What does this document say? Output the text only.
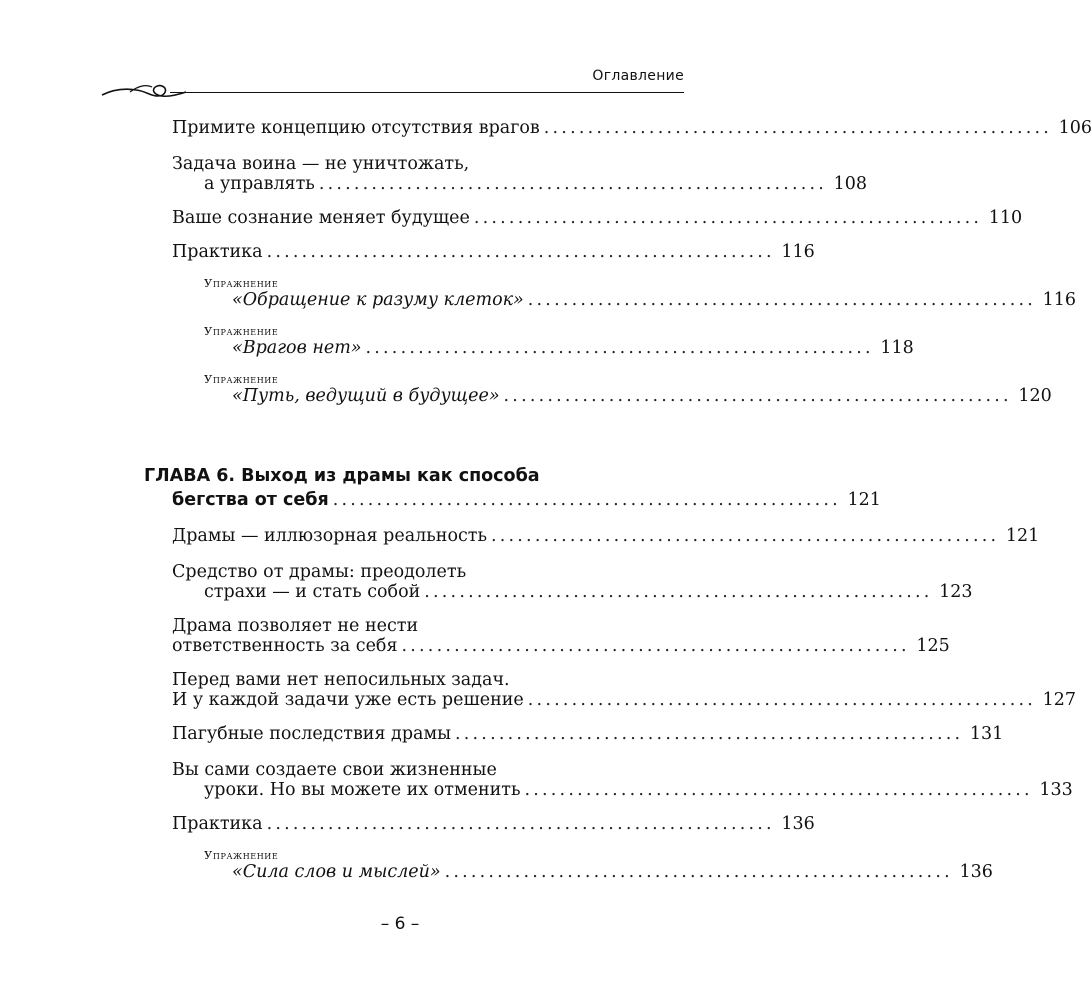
Оглавление
Примите концепцию отсутствия врагов .......................................................... 106
Задача воина — не уничтожать,
а управлять .......................................................... 108
Ваше сознание меняет будущее .......................................................... 110
Практика .......................................................... 116
Упражнение
«Обращение к разуму клеток» .......................................................... 116
Упражнение
«Врагов нет» .......................................................... 118
Упражнение
«Путь, ведущий в будущее» .......................................................... 120
ГЛАВА 6. Выход из драмы как способа
бегства от себя .......................................................... 121
Драмы — иллюзорная реальность .......................................................... 121
Средство от драмы: преодолеть
страхи — и стать собой .......................................................... 123
Драма позволяет не нести
ответственность за себя .......................................................... 125
Перед вами нет непосильных задач.
И у каждой задачи уже есть решение .......................................................... 127
Пагубные последствия драмы .......................................................... 131
Вы сами создаете свои жизненные
уроки. Но вы можете их отменить .......................................................... 133
Практика .......................................................... 136
Упражнение
«Сила слов и мыслей» .......................................................... 136
– 6 –
